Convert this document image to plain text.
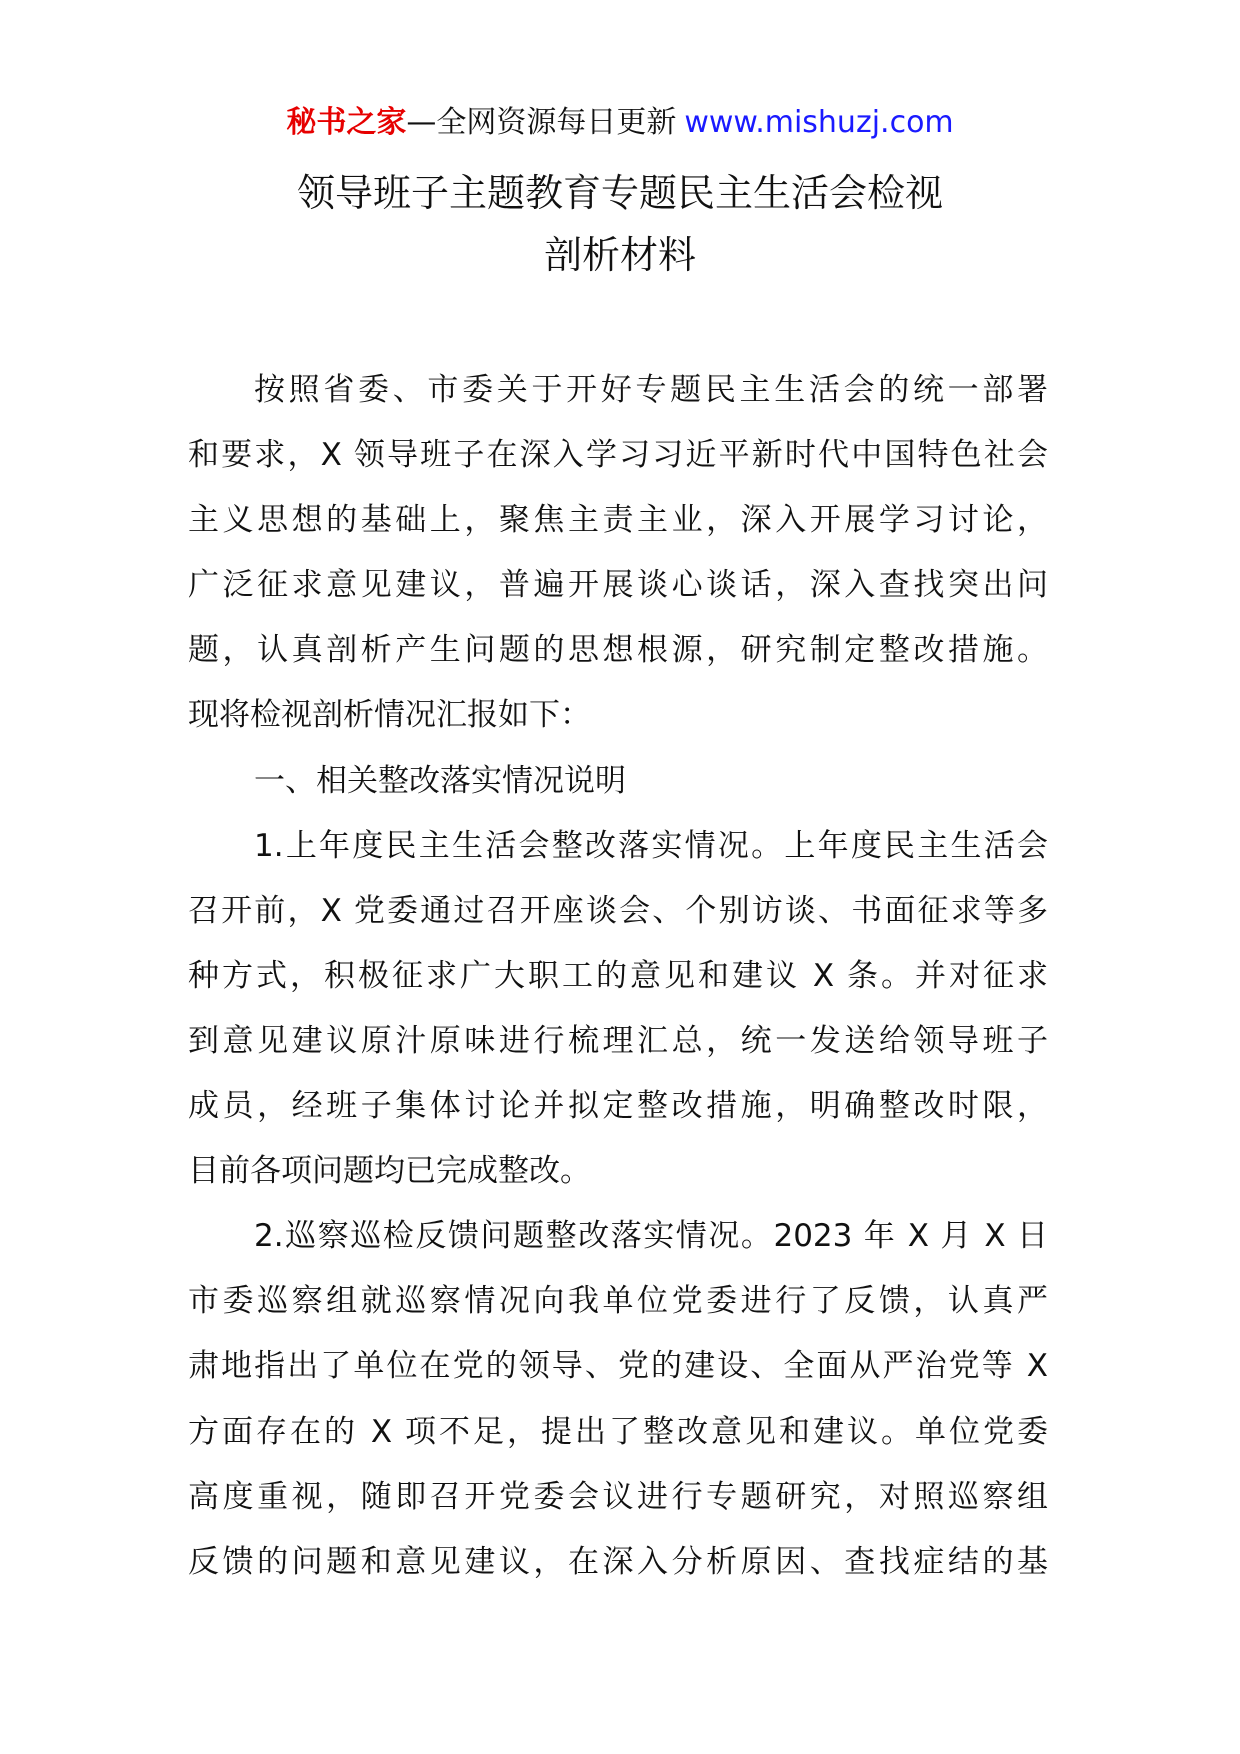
秘书之家—全网资源每日更新 www.mishuzj.com
领导班子主题教育专题民主生活会检视
剖析材料
按照省委、市委关于开好专题民主生活会的统一部署
和要求，X 领导班子在深入学习习近平新时代中国特色社会
主义思想的基础上，聚焦主责主业，深入开展学习讨论，
广泛征求意见建议，普遍开展谈心谈话，深入查找突出问
题，认真剖析产生问题的思想根源，研究制定整改措施。
现将检视剖析情况汇报如下：
一、相关整改落实情况说明
1.上年度民主生活会整改落实情况。上年度民主生活会
召开前，X 党委通过召开座谈会、个别访谈、书面征求等多
种方式，积极征求广大职工的意见和建议 X 条。并对征求
到意见建议原汁原味进行梳理汇总，统一发送给领导班子
成员，经班子集体讨论并拟定整改措施，明确整改时限，
目前各项问题均已完成整改。
2.巡察巡检反馈问题整改落实情况。2023 年 X 月 X 日
市委巡察组就巡察情况向我单位党委进行了反馈，认真严
肃地指出了单位在党的领导、党的建设、全面从严治党等 X
方面存在的 X 项不足，提出了整改意见和建议。单位党委
高度重视，随即召开党委会议进行专题研究，对照巡察组
反馈的问题和意见建议，在深入分析原因、查找症结的基
